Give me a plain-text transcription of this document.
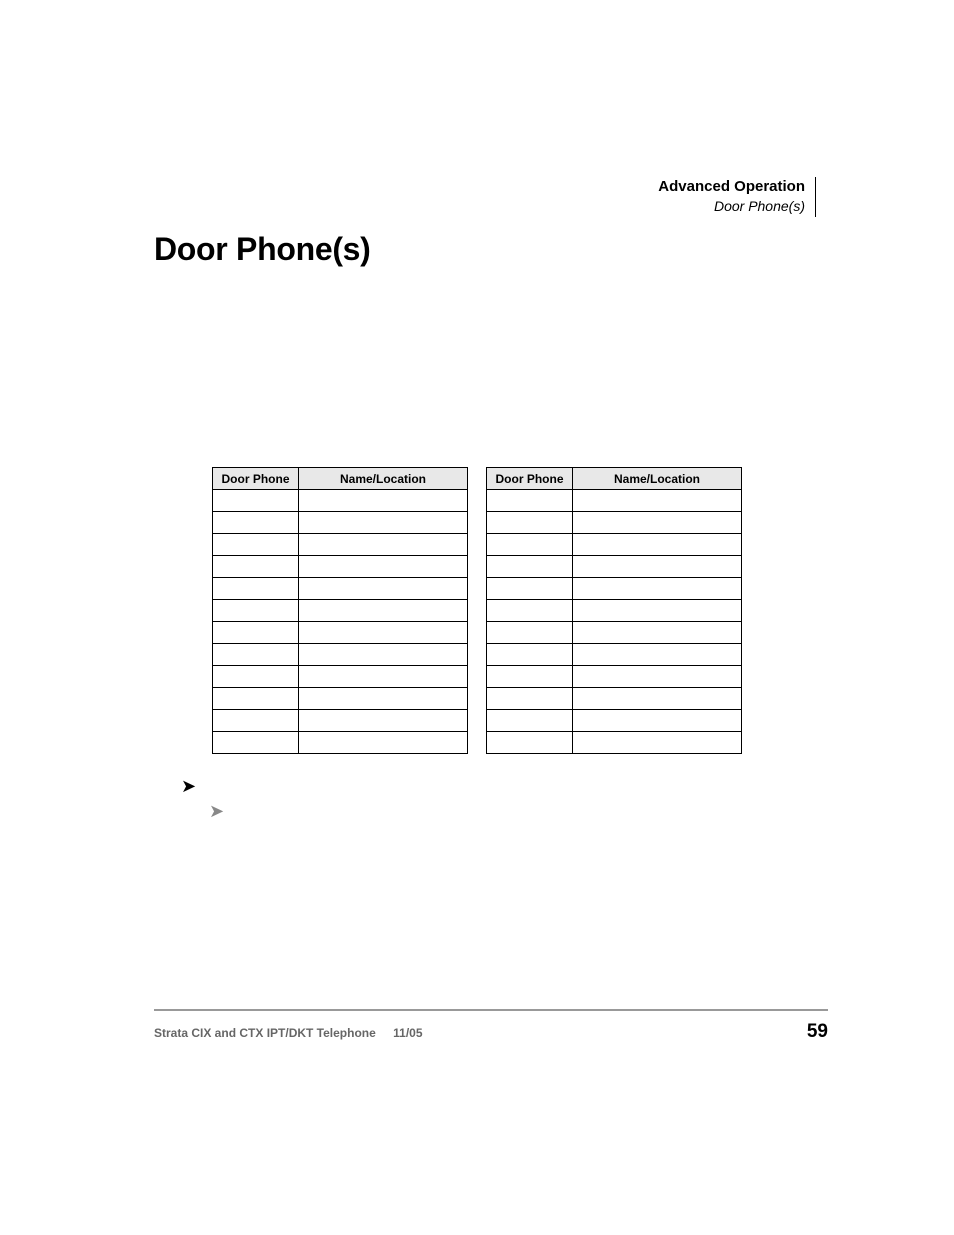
Advanced Operation
Door Phone(s)
Door Phone(s)
Door Phone	Name/Location

		Door Phone	Name/Location

➤
➤
Strata CIX and CTX IPT/DKT Telephone 11/05	59
